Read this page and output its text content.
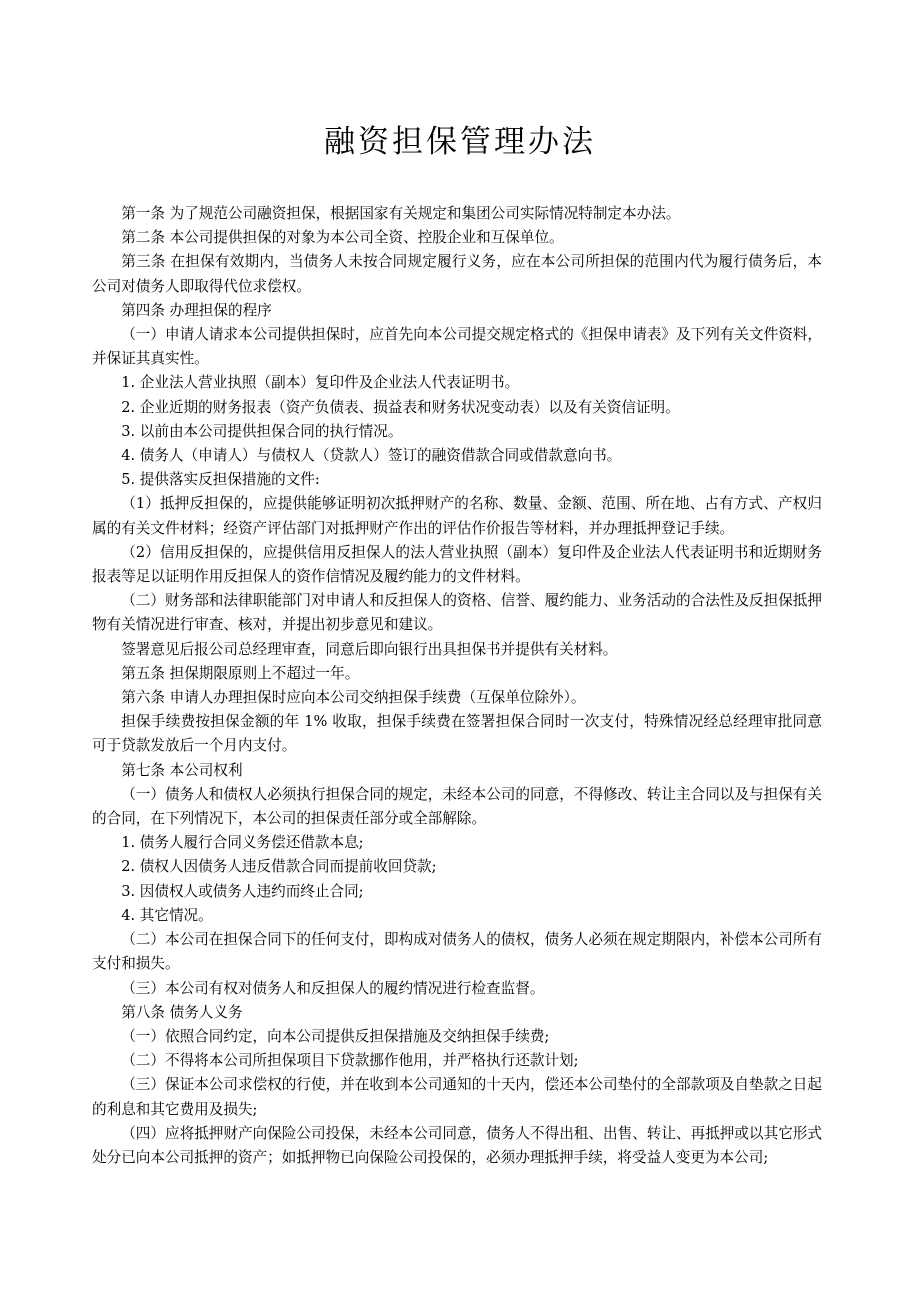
融资担保管理办法

第一条 为了规范公司融资担保，根据国家有关规定和集团公司实际情况特制定本办法。

第二条 本公司提供担保的对象为本公司全资、控股企业和互保单位。

第三条 在担保有效期内，当债务人未按合同规定履行义务，应在本公司所担保的范围内代为履行债务后，本公司对债务人即取得代位求偿权。

第四条 办理担保的程序

（一）申请人请求本公司提供担保时，应首先向本公司提交规定格式的《担保申请表》及下列有关文件资料，并保证其真实性。

1. 企业法人营业执照（副本）复印件及企业法人代表证明书。

2. 企业近期的财务报表（资产负债表、损益表和财务状况变动表）以及有关资信证明。

3. 以前由本公司提供担保合同的执行情况。

4. 债务人（申请人）与债权人（贷款人）签订的融资借款合同或借款意向书。

5. 提供落实反担保措施的文件:

（1）抵押反担保的，应提供能够证明初次抵押财产的名称、数量、金额、范围、所在地、占有方式、产权归属的有关文件材料；经资产评估部门对抵押财产作出的评估作价报告等材料，并办理抵押登记手续。

（2）信用反担保的，应提供信用反担保人的法人营业执照（副本）复印件及企业法人代表证明书和近期财务报表等足以证明作用反担保人的资作信情况及履约能力的文件材料。

（二）财务部和法律职能部门对申请人和反担保人的资格、信誉、履约能力、业务活动的合法性及反担保抵押物有关情况进行审查、核对，并提出初步意见和建议。

签署意见后报公司总经理审查，同意后即向银行出具担保书并提供有关材料。

第五条 担保期限原则上不超过一年。

第六条 申请人办理担保时应向本公司交纳担保手续费（互保单位除外）。

担保手续费按担保金额的年 1% 收取，担保手续费在签署担保合同时一次支付，特殊情况经总经理审批同意可于贷款发放后一个月内支付。

第七条 本公司权利

（一）债务人和债权人必须执行担保合同的规定，未经本公司的同意，不得修改、转让主合同以及与担保有关的合同，在下列情况下，本公司的担保责任部分或全部解除。

1. 债务人履行合同义务偿还借款本息;

2. 债权人因债务人违反借款合同而提前收回贷款;

3. 因债权人或债务人违约而终止合同;

4. 其它情况。

（二）本公司在担保合同下的任何支付，即构成对债务人的债权，债务人必须在规定期限内，补偿本公司所有支付和损失。

（三）本公司有权对债务人和反担保人的履约情况进行检查监督。

第八条 债务人义务

（一）依照合同约定，向本公司提供反担保措施及交纳担保手续费;

（二）不得将本公司所担保项目下贷款挪作他用，并严格执行还款计划;

（三）保证本公司求偿权的行使，并在收到本公司通知的十天内，偿还本公司垫付的全部款项及自垫款之日起的利息和其它费用及损失;

（四）应将抵押财产向保险公司投保，未经本公司同意，债务人不得出租、出售、转让、再抵押或以其它形式处分已向本公司抵押的资产；如抵押物已向保险公司投保的，必须办理抵押手续，将受益人变更为本公司;
